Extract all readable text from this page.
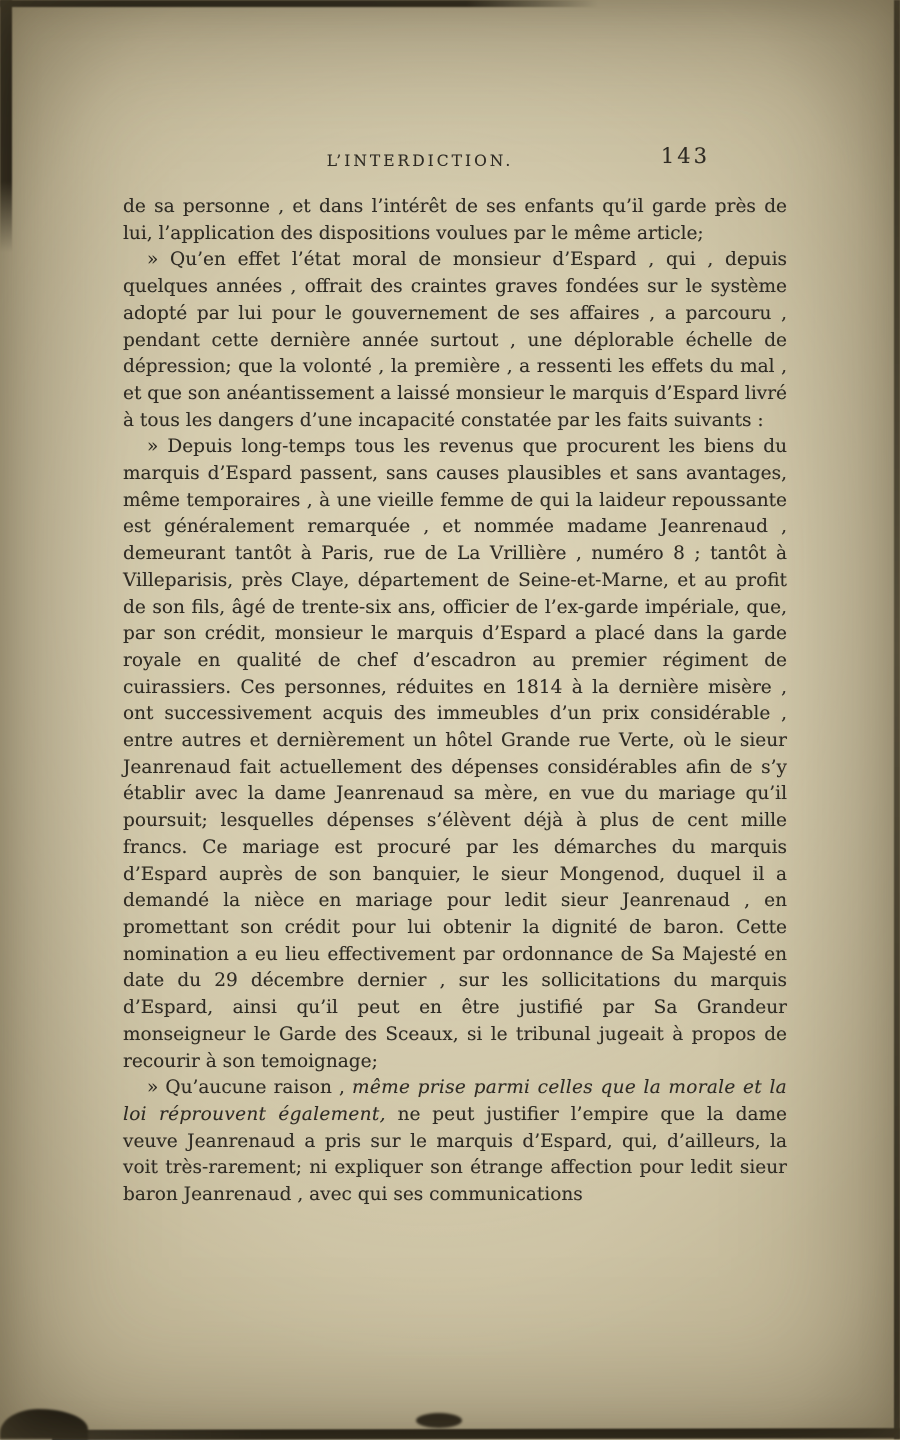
L’INTERDICTION.	143

de sa personne , et dans l’intérêt de ses enfants qu’il garde près de lui, l’application des dispositions voulues par le même article;

» Qu’en effet l’état moral de monsieur d’Espard , qui , depuis quelques années , offrait des craintes graves fondées sur le système adopté par lui pour le gouvernement de ses affaires , a parcouru , pendant cette dernière année surtout , une déplorable échelle de dépression; que la volonté , la première , a ressenti les effets du mal , et que son anéantissement a laissé monsieur le marquis d’Espard livré à tous les dangers d’une incapacité constatée par les faits suivants :

» Depuis long-temps tous les revenus que procurent les biens du marquis d’Espard passent, sans causes plausibles et sans avantages, même temporaires , à une vieille femme de qui la laideur repoussante est généralement remarquée , et nommée madame Jeanrenaud , demeurant tantôt à Paris, rue de La Vrillière , numéro 8 ; tantôt à Villeparisis, près Claye, département de Seine-et-Marne, et au profit de son fils, âgé de trente-six ans, officier de l’ex-garde impériale, que, par son crédit, monsieur le marquis d’Espard a placé dans la garde royale en qualité de chef d’escadron au premier régiment de cuirassiers. Ces personnes, réduites en 1814 à la dernière misère , ont successivement acquis des immeubles d’un prix considérable , entre autres et dernièrement un hôtel Grande rue Verte, où le sieur Jeanrenaud fait actuellement des dépenses considérables afin de s’y établir avec la dame Jeanrenaud sa mère, en vue du mariage qu’il poursuit; lesquelles dépenses s’élèvent déjà à plus de cent mille francs. Ce mariage est procuré par les démarches du marquis d’Espard auprès de son banquier, le sieur Mongenod, duquel il a demandé la nièce en mariage pour ledit sieur Jeanrenaud , en promettant son crédit pour lui obtenir la dignité de baron. Cette nomination a eu lieu effectivement par ordonnance de Sa Majesté en date du 29 décembre dernier , sur les sollicitations du marquis d’Espard, ainsi qu’il peut en être justifié par Sa Grandeur monseigneur le Garde des Sceaux, si le tribunal jugeait à propos de recourir à son temoignage;

» Qu’aucune raison , même prise parmi celles que la morale et la loi réprouvent également, ne peut justifier l’empire que la dame veuve Jeanrenaud a pris sur le marquis d’Espard, qui, d’ailleurs, la voit très-rarement; ni expliquer son étrange affection pour ledit sieur baron Jeanrenaud , avec qui ses communications
